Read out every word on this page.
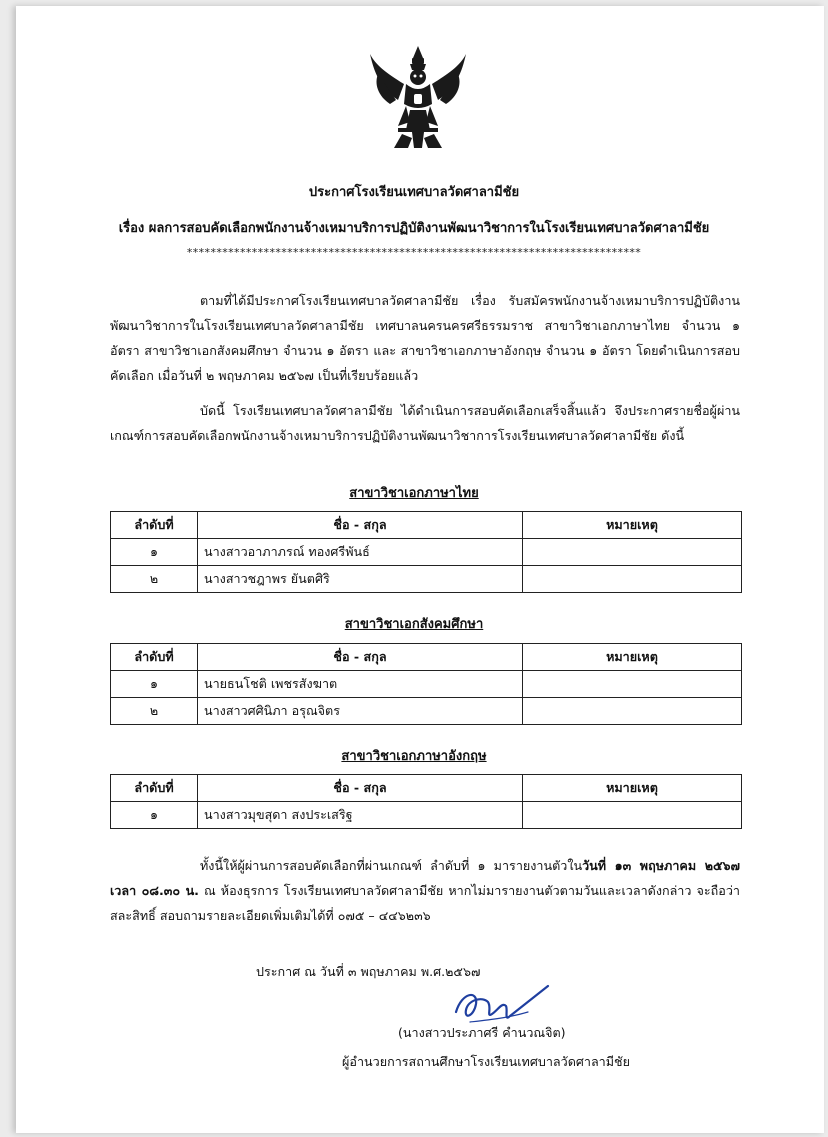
ประกาศโรงเรียนเทศบาลวัดศาลามีชัย
เรื่อง ผลการสอบคัดเลือกพนักงานจ้างเหมาบริการปฏิบัติงานพัฒนาวิชาการในโรงเรียนเทศบาลวัดศาลามีชัย
*****************************************************************************
ตามที่ได้มีประกาศโรงเรียนเทศบาลวัดศาลามีชัย เรื่อง รับสมัครพนักงานจ้างเหมาบริการปฏิบัติงานพัฒนาวิชาการในโรงเรียนเทศบาลวัดศาลามีชัย เทศบาลนครนครศรีธรรมราช สาขาวิชาเอกภาษาไทย จำนวน ๑ อัตรา สาขาวิชาเอกสังคมศึกษา จำนวน ๑ อัตรา และ สาขาวิชาเอกภาษาอังกฤษ จำนวน ๑ อัตรา โดยดำเนินการสอบคัดเลือก เมื่อวันที่ ๒ พฤษภาคม ๒๕๖๗ เป็นที่เรียบร้อยแล้ว
บัดนี้ โรงเรียนเทศบาลวัดศาลามีชัย ได้ดำเนินการสอบคัดเลือกเสร็จสิ้นแล้ว จึงประกาศรายชื่อผู้ผ่านเกณฑ์การสอบคัดเลือกพนักงานจ้างเหมาบริการปฏิบัติงานพัฒนาวิชาการโรงเรียนเทศบาลวัดศาลามีชัย ดังนี้
สาขาวิชาเอกภาษาไทย
ลำดับที่	ชื่อ - สกุล	หมายเหตุ
๑	นางสาวอาภาภรณ์ ทองศรีพันธ์	
๒	นางสาวชฎาพร ยันตศิริ	
สาขาวิชาเอกสังคมศึกษา
ลำดับที่	ชื่อ - สกุล	หมายเหตุ
๑	นายธนโชติ เพชรสังฆาต	
๒	นางสาวศศินิภา อรุณจิตร	
สาขาวิชาเอกภาษาอังกฤษ
ลำดับที่	ชื่อ - สกุล	หมายเหตุ
๑	นางสาวมุขสุดา สงประเสริฐ	
ทั้งนี้ให้ผู้ผ่านการสอบคัดเลือกที่ผ่านเกณฑ์ ลำดับที่ ๑ มารายงานตัวในวันที่ ๑๓ พฤษภาคม ๒๕๖๗ เวลา ๐๘.๓๐ น. ณ ห้องธุรการ โรงเรียนเทศบาลวัดศาลามีชัย หากไม่มารายงานตัวตามวันและเวลาดังกล่าว จะถือว่าสละสิทธิ์ สอบถามรายละเอียดเพิ่มเติมได้ที่ ๐๗๕ – ๔๔๖๒๓๖
ประกาศ ณ วันที่ ๓ พฤษภาคม พ.ศ.๒๕๖๗
(นางสาวประภาศรี คำนวณจิต)
ผู้อำนวยการสถานศึกษาโรงเรียนเทศบาลวัดศาลามีชัย
